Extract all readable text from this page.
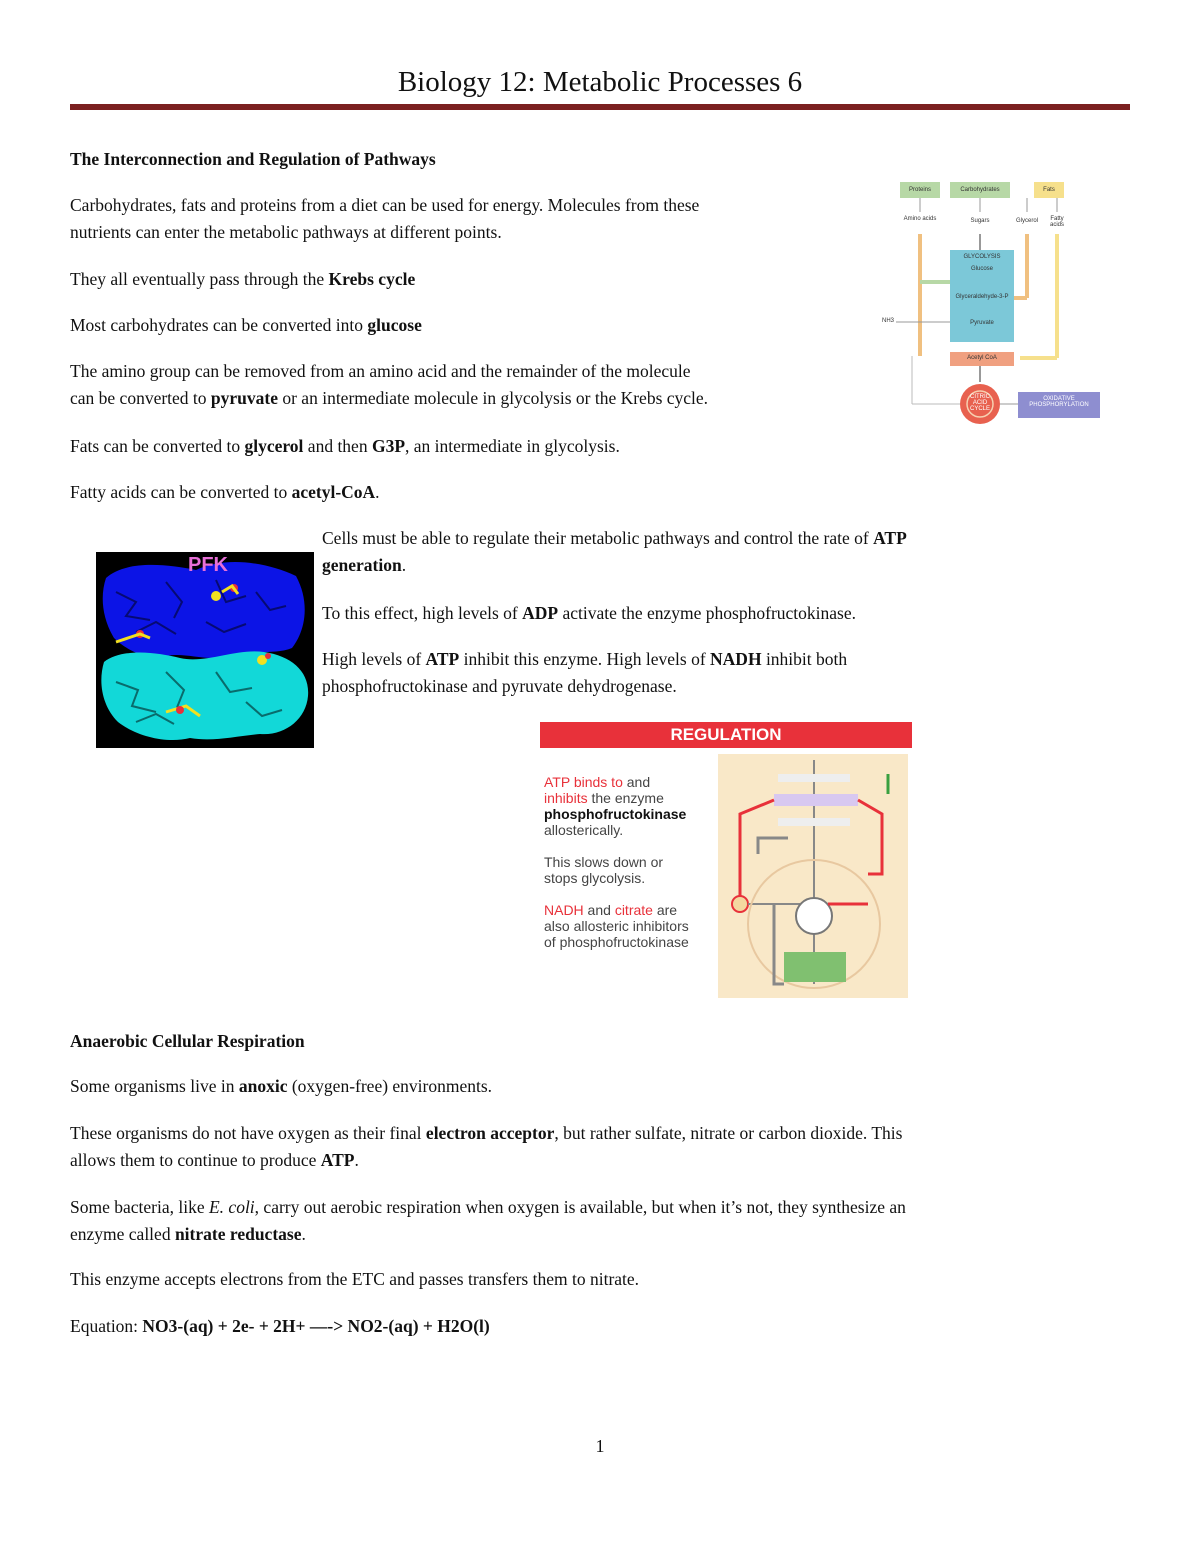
Biology 12: Metabolic Processes 6

The Interconnection and Regulation of Pathways

Carbohydrates, fats and proteins from a diet can be used for energy. Molecules from these
nutrients can enter the metabolic pathways at different points.

They all eventually pass through the Krebs cycle

Most carbohydrates can be converted into glucose

The amino group can be removed from an amino acid and the remainder of the molecule
can be converted to pyruvate or an intermediate molecule in glycolysis or the Krebs cycle.

Fats can be converted to glycerol and then G3P, an intermediate in glycolysis.

Fatty acids can be converted to acetyl-CoA.

Cells must be able to regulate their metabolic pathways and control the rate of ATP
generation.

To this effect, high levels of ADP activate the enzyme phosphofructokinase.

High levels of ATP inhibit this enzyme. High levels of NADH inhibit both
phosphofructokinase and pyruvate dehydrogenase.

Proteins	Carbohydrates	Fats
Amino acids	Sugars	Glycerol	Fatty acids
GLYCOLYSIS
Glucose
Glyceraldehyde-3-P
Pyruvate
NH3
Acetyl CoA
CITRIC ACID CYCLE
OXIDATIVE PHOSPHORYLATION
PFK
REGULATION
ATP binds to and
inhibits the enzyme
phosphofructokinase
allosterically.

This slows down or
stops glycolysis.

NADH and citrate are
also allosteric inhibitors
of phosphofructokinase

Anaerobic Cellular Respiration

Some organisms live in anoxic (oxygen-free) environments.

These organisms do not have oxygen as their final electron acceptor, but rather sulfate, nitrate or carbon dioxide. This
allows them to continue to produce ATP.

Some bacteria, like E. coli, carry out aerobic respiration when oxygen is available, but when it’s not, they synthesize an
enzyme called nitrate reductase.

This enzyme accepts electrons from the ETC and passes transfers them to nitrate.

Equation: NO3-(aq) + 2e- + 2H+ —-> NO2-(aq) + H2O(l)

1
